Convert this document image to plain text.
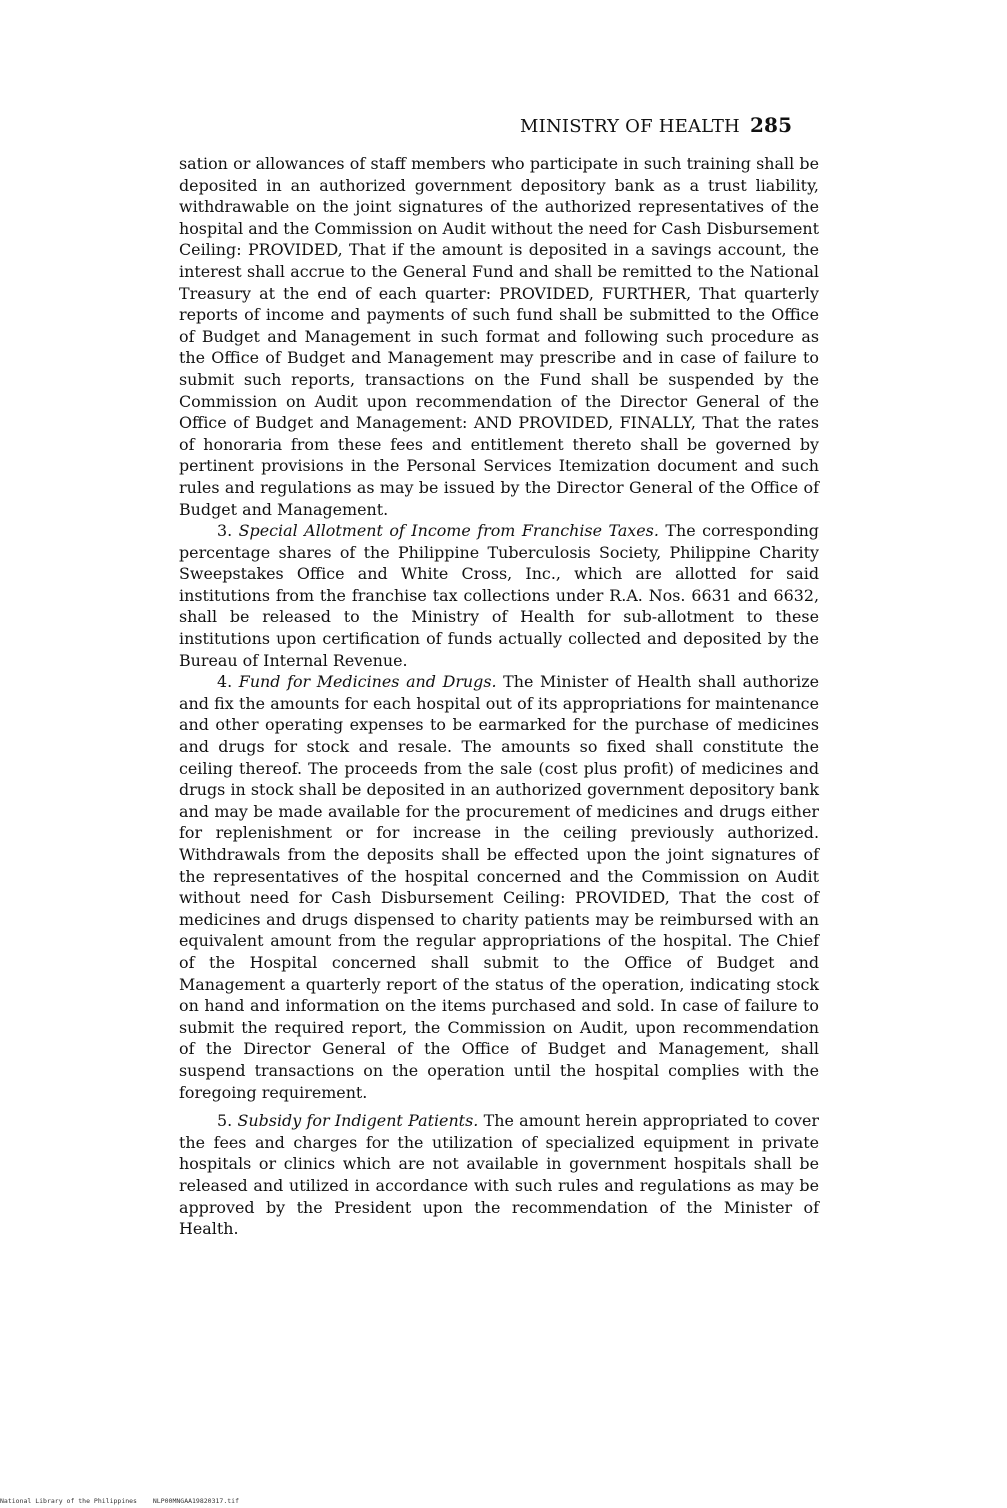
MINISTRY OF HEALTH 285

sation or allowances of staff members who participate in such training shall be deposited in an authorized government depository bank as a trust liability, withdrawable on the joint signatures of the authorized representatives of the hospital and the Commission on Audit without the need for Cash Disbursement Ceiling: PROVIDED, That if the amount is deposited in a savings account, the interest shall accrue to the General Fund and shall be remitted to the National Treasury at the end of each quarter: PROVIDED, FURTHER, That quarterly reports of income and payments of such fund shall be submitted to the Office of Budget and Management in such format and following such procedure as the Office of Budget and Management may prescribe and in case of failure to submit such reports, transactions on the Fund shall be suspended by the Commission on Audit upon recommendation of the Director General of the Office of Budget and Management: AND PROVIDED, FINALLY, That the rates of honoraria from these fees and entitlement thereto shall be governed by pertinent provisions in the Personal Services Itemization document and such rules and regulations as may be issued by the Director General of the Office of Budget and Management.

3. Special Allotment of Income from Franchise Taxes. The corresponding percentage shares of the Philippine Tuberculosis Society, Philippine Charity Sweepstakes Office and White Cross, Inc., which are allotted for said institutions from the franchise tax collections under R.A. Nos. 6631 and 6632, shall be released to the Ministry of Health for sub-allotment to these institutions upon certification of funds actually collected and deposited by the Bureau of Internal Revenue.

4. Fund for Medicines and Drugs. The Minister of Health shall authorize and fix the amounts for each hospital out of its appropriations for maintenance and other operating expenses to be earmarked for the purchase of medicines and drugs for stock and resale. The amounts so fixed shall constitute the ceiling thereof. The proceeds from the sale (cost plus profit) of medicines and drugs in stock shall be deposited in an authorized government depository bank and may be made available for the procurement of medicines and drugs either for replenishment or for increase in the ceiling previously authorized. Withdrawals from the deposits shall be effected upon the joint signatures of the representatives of the hospital concerned and the Commission on Audit without need for Cash Disbursement Ceiling: PROVIDED, That the cost of medicines and drugs dispensed to charity patients may be reimbursed with an equivalent amount from the regular appropriations of the hospital. The Chief of the Hospital concerned shall submit to the Office of Budget and Management a quarterly report of the status of the operation, indicating stock on hand and information on the items purchased and sold. In case of failure to submit the required report, the Commission on Audit, upon recommendation of the Director General of the Office of Budget and Management, shall suspend transactions on the operation until the hospital complies with the foregoing requirement.

5. Subsidy for Indigent Patients. The amount herein appropriated to cover the fees and charges for the utilization of specialized equipment in private hospitals or clinics which are not available in government hospitals shall be released and utilized in accordance with such rules and regulations as may be approved by the President upon the recommendation of the Minister of Health.

National Library of the Philippines NLP00MNGAA19820317.tif
